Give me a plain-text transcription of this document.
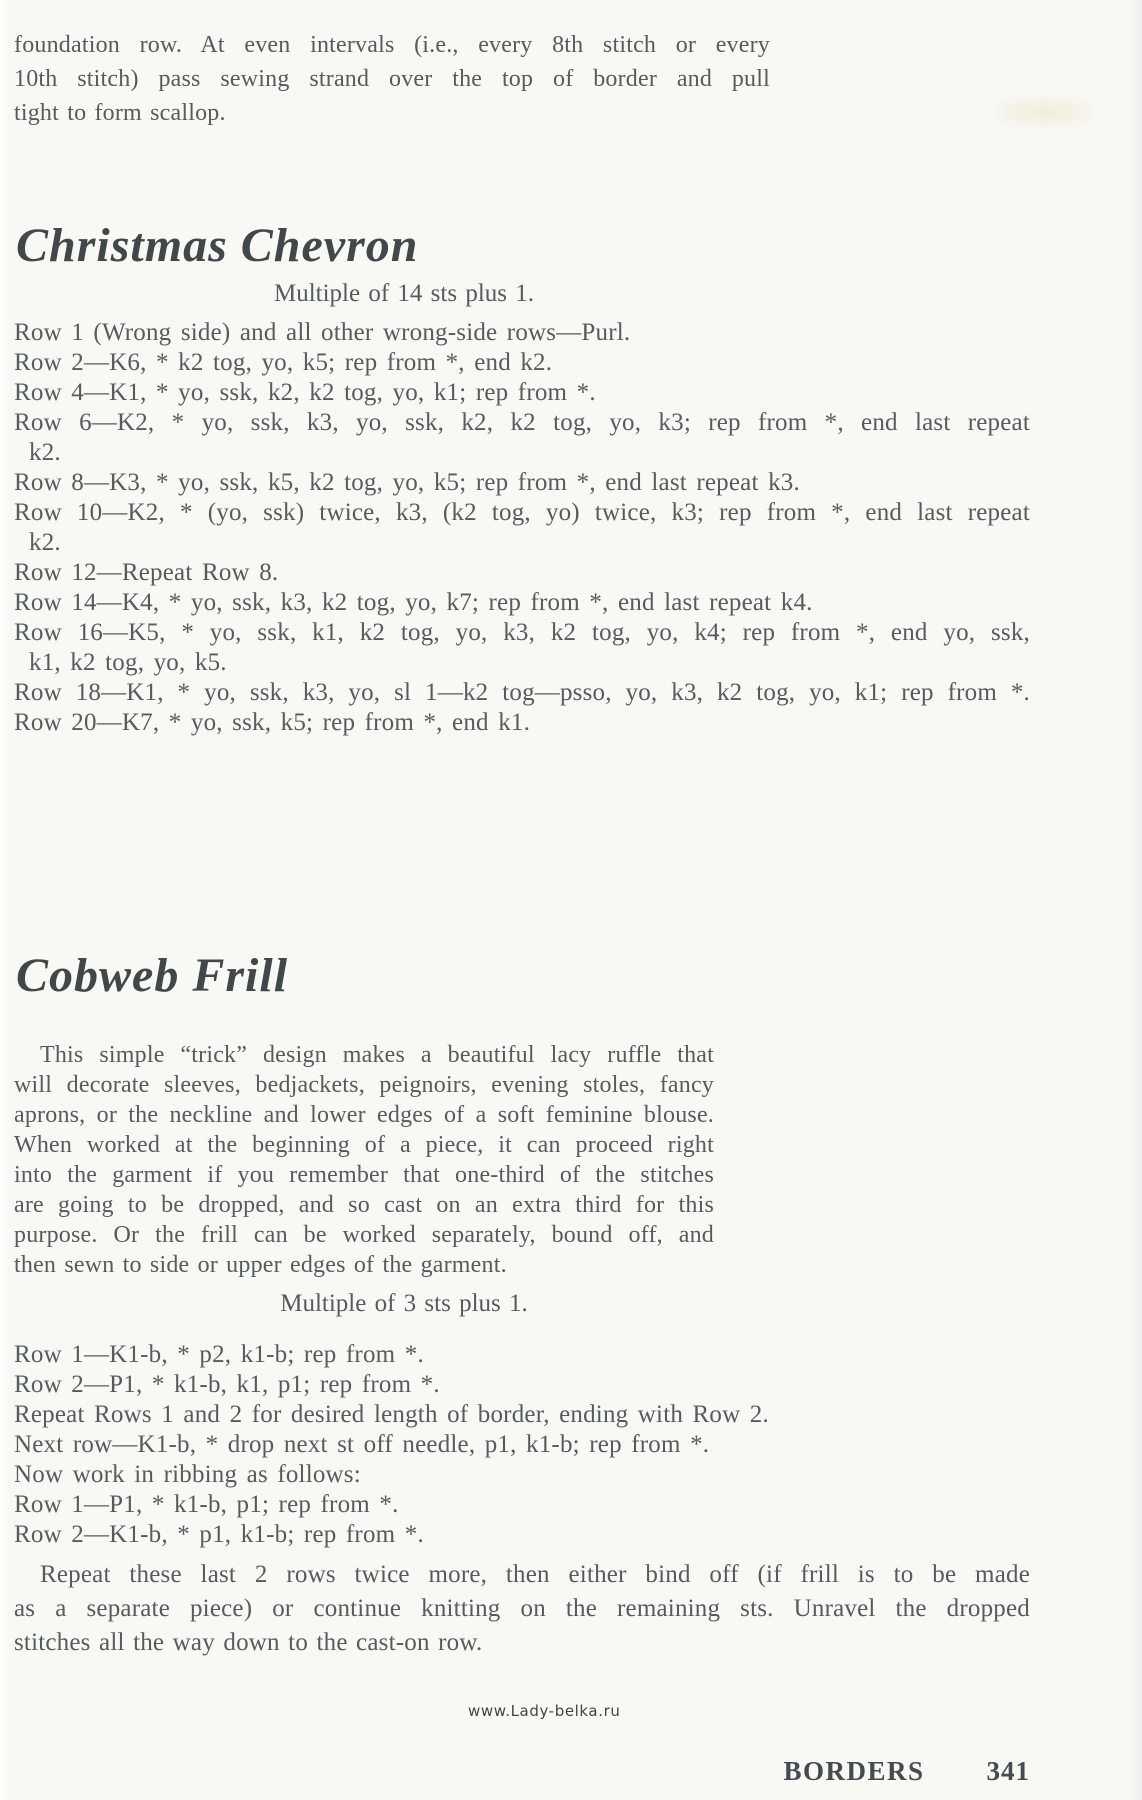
foundation row. At even intervals (i.e., every 8th stitch or every
10th stitch) pass sewing strand over the top of border and pull
tight to form scallop.
Christmas Chevron
Multiple of 14 sts plus 1.
Row 1 (Wrong side) and all other wrong-side rows—Purl.
Row 2—K6, * k2 tog, yo, k5; rep from *, end k2.
Row 4—K1, * yo, ssk, k2, k2 tog, yo, k1; rep from *.
Row 6—K2, * yo, ssk, k3, yo, ssk, k2, k2 tog, yo, k3; rep from *, end last repeat
k2.
Row 8—K3, * yo, ssk, k5, k2 tog, yo, k5; rep from *, end last repeat k3.
Row 10—K2, * (yo, ssk) twice, k3, (k2 tog, yo) twice, k3; rep from *, end last repeat
k2.
Row 12—Repeat Row 8.
Row 14—K4, * yo, ssk, k3, k2 tog, yo, k7; rep from *, end last repeat k4.
Row 16—K5, * yo, ssk, k1, k2 tog, yo, k3, k2 tog, yo, k4; rep from *, end yo, ssk,
k1, k2 tog, yo, k5.
Row 18—K1, * yo, ssk, k3, yo, sl 1—k2 tog—psso, yo, k3, k2 tog, yo, k1; rep from *.
Row 20—K7, * yo, ssk, k5; rep from *, end k1.
Cobweb Frill
This simple “trick” design makes a beautiful lacy ruffle that
will decorate sleeves, bedjackets, peignoirs, evening stoles, fancy
aprons, or the neckline and lower edges of a soft feminine blouse.
When worked at the beginning of a piece, it can proceed right
into the garment if you remember that one-third of the stitches
are going to be dropped, and so cast on an extra third for this
purpose. Or the frill can be worked separately, bound off, and
then sewn to side or upper edges of the garment.
Multiple of 3 sts plus 1.
Row 1—K1-b, * p2, k1-b; rep from *.
Row 2—P1, * k1-b, k1, p1; rep from *.
Repeat Rows 1 and 2 for desired length of border, ending with Row 2.
Next row—K1-b, * drop next st off needle, p1, k1-b; rep from *.
Now work in ribbing as follows:
Row 1—P1, * k1-b, p1; rep from *.
Row 2—K1-b, * p1, k1-b; rep from *.
Repeat these last 2 rows twice more, then either bind off (if frill is to be made
as a separate piece) or continue knitting on the remaining sts. Unravel the dropped
stitches all the way down to the cast-on row.
www.Lady-belka.ru
BORDERS 341
